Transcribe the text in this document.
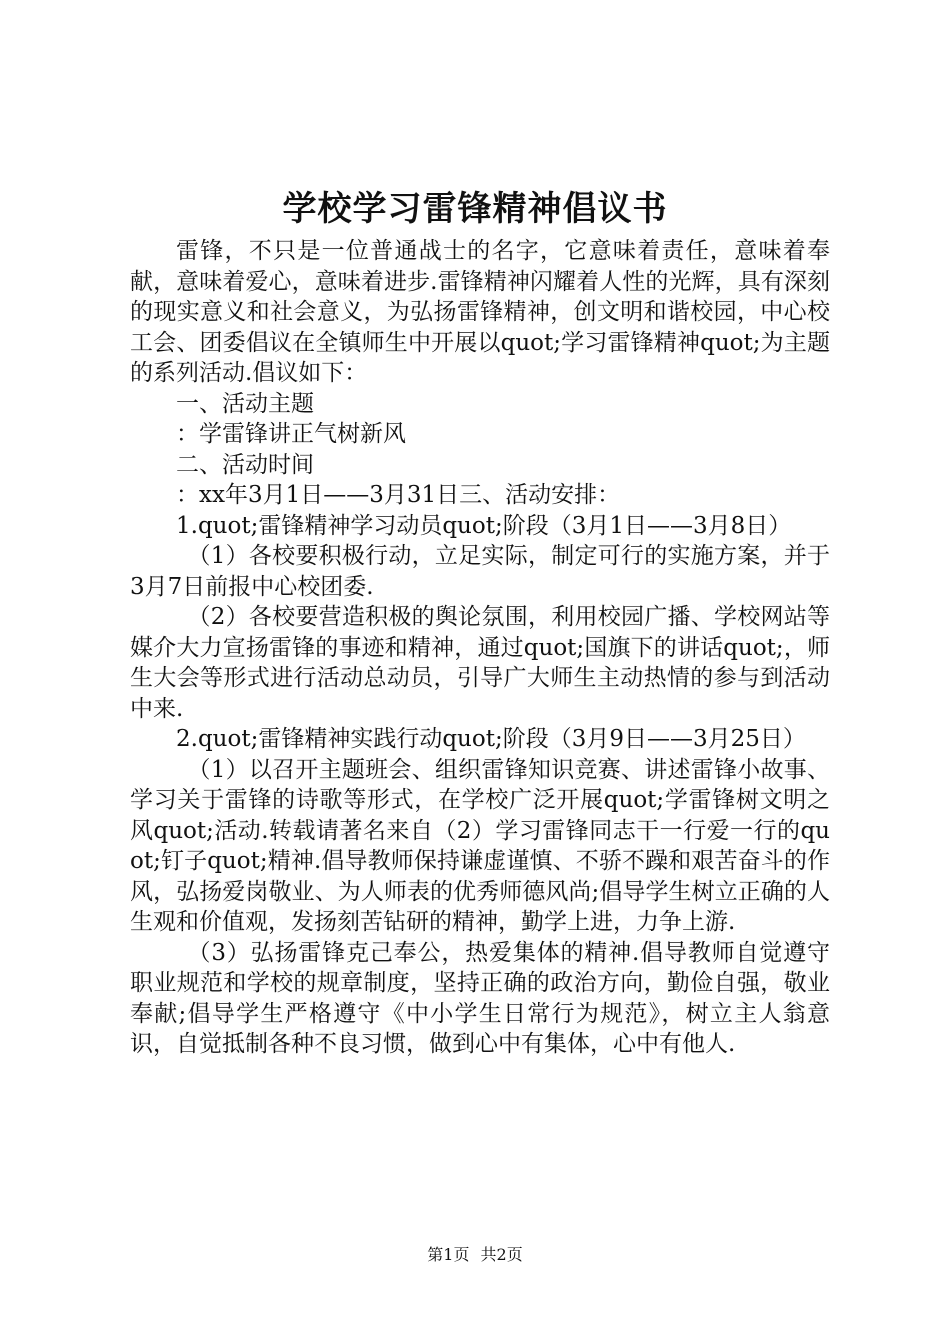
学校学习雷锋精神倡议书

雷锋，不只是一位普通战士的名字，它意味着责任，意味着奉献，意味着爱心，意味着进步.雷锋精神闪耀着人性的光辉，具有深刻的现实意义和社会意义，为弘扬雷锋精神，创文明和谐校园，中心校工会、团委倡议在全镇师生中开展以quot;学习雷锋精神quot;为主题的系列活动.倡议如下：

一、活动主题

：学雷锋讲正气树新风

二、活动时间

：xx年3月1日——3月31日三、活动安排：

1.quot;雷锋精神学习动员quot;阶段（3月1日——3月8日）

（1）各校要积极行动，立足实际，制定可行的实施方案，并于3月7日前报中心校团委.

（2）各校要营造积极的舆论氛围，利用校园广播、学校网站等媒介大力宣扬雷锋的事迹和精神，通过quot;国旗下的讲话quot;，师生大会等形式进行活动总动员，引导广大师生主动热情的参与到活动中来.

2.quot;雷锋精神实践行动quot;阶段（3月9日——3月25日）

（1）以召开主题班会、组织雷锋知识竞赛、讲述雷锋小故事、学习关于雷锋的诗歌等形式，在学校广泛开展quot;学雷锋树文明之风quot;活动.转载请著名来自（2）学习雷锋同志干一行爱一行的quot;钉子quot;精神.倡导教师保持谦虚谨慎、不骄不躁和艰苦奋斗的作风，弘扬爱岗敬业、为人师表的优秀师德风尚;倡导学生树立正确的人生观和价值观，发扬刻苦钻研的精神，勤学上进，力争上游.

（3）弘扬雷锋克己奉公，热爱集体的精神.倡导教师自觉遵守职业规范和学校的规章制度，坚持正确的政治方向，勤俭自强，敬业奉献;倡导学生严格遵守《中小学生日常行为规范》，树立主人翁意识，自觉抵制各种不良习惯，做到心中有集体，心中有他人.

第1页 共2页
